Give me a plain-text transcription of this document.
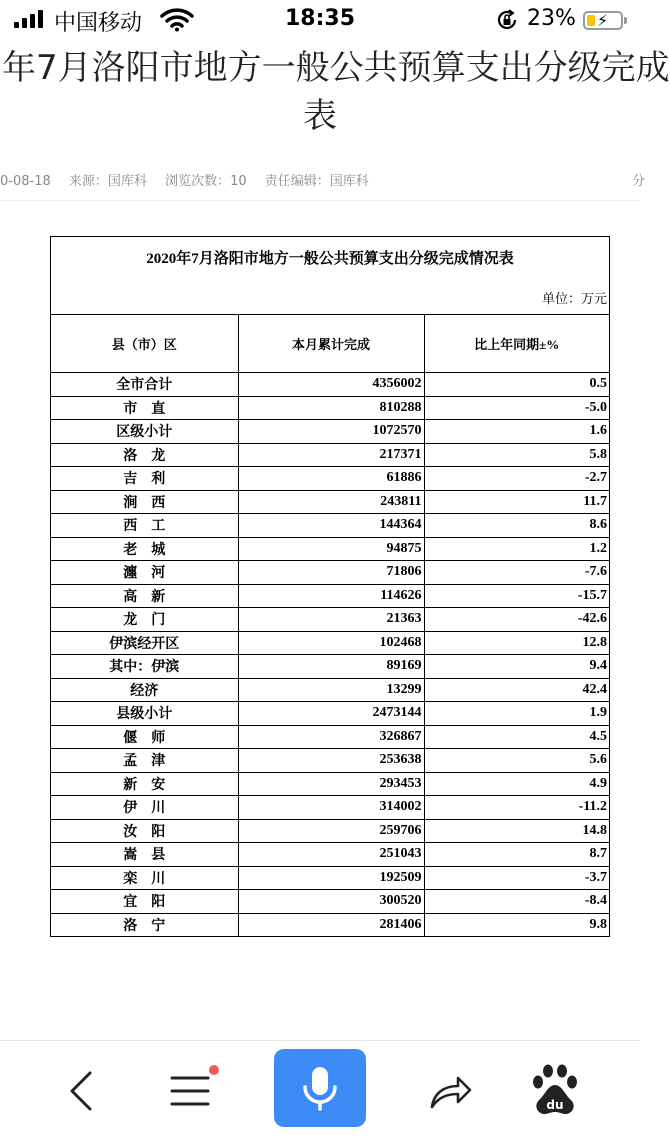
中国移动	18:35	23% ⚡
年7月洛阳市地方一般公共预算支出分级完成
表
0-08-18 来源：国库科 浏览次数：10 责任编辑：国库科	分
2020年7月洛阳市地方一般公共预算支出分级完成情况表
单位：万元
县（市）区	本月累计完成	比上年同期±%
全市合计	4356002	0.5
市　直	810288	-5.0
区级小计	1072570	1.6
洛　龙	217371	5.8
吉　利	61886	-2.7
涧　西	243811	11.7
西　工	144364	8.6
老　城	94875	1.2
瀍　河	71806	-7.6
高　新	114626	-15.7
龙　门	21363	-42.6
伊滨经开区	102468	12.8
其中：伊滨	89169	9.4
经济	13299	42.4
县级小计	2473144	1.9
偃　师	326867	4.5
孟　津	253638	5.6
新　安	293453	4.9
伊　川	314002	-11.2
汝　阳	259706	14.8
嵩　县	251043	8.7
栾　川	192509	-3.7
宜　阳	300520	-8.4
洛　宁	281406	9.8
du
